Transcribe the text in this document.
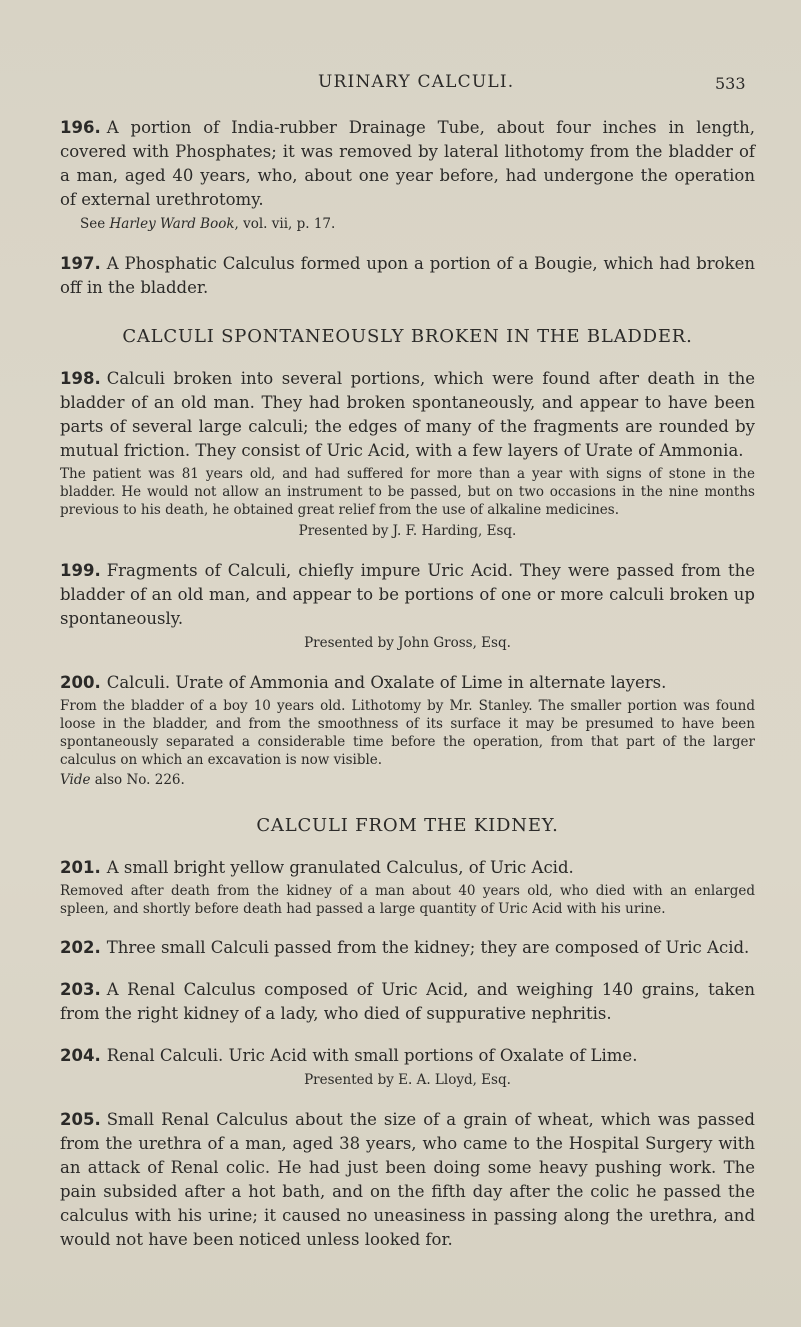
URINARY CALCULI.	533

196. A portion of India-rubber Drainage Tube, about four inches in length, covered with Phosphates; it was removed by lateral lithotomy from the bladder of a man, aged 40 years, who, about one year before, had undergone the operation of external urethrotomy.

See Harley Ward Book, vol. vii, p. 17.

197. A Phosphatic Calculus formed upon a portion of a Bougie, which had broken off in the bladder.

CALCULI SPONTANEOUSLY BROKEN IN THE BLADDER.

198. Calculi broken into several portions, which were found after death in the bladder of an old man. They had broken spontaneously, and appear to have been parts of several large calculi; the edges of many of the fragments are rounded by mutual friction. They consist of Uric Acid, with a few layers of Urate of Ammonia.

The patient was 81 years old, and had suffered for more than a year with signs of stone in the bladder. He would not allow an instrument to be passed, but on two occasions in the nine months previous to his death, he obtained great relief from the use of alkaline medicines.

Presented by J. F. Harding, Esq.

199. Fragments of Calculi, chiefly impure Uric Acid. They were passed from the bladder of an old man, and appear to be portions of one or more calculi broken up spontaneously.

Presented by John Gross, Esq.

200. Calculi. Urate of Ammonia and Oxalate of Lime in alternate layers.

From the bladder of a boy 10 years old. Lithotomy by Mr. Stanley. The smaller portion was found loose in the bladder, and from the smoothness of its surface it may be presumed to have been spontaneously separated a considerable time before the operation, from that part of the larger calculus on which an excavation is now visible.

Vide also No. 226.

CALCULI FROM THE KIDNEY.

201. A small bright yellow granulated Calculus, of Uric Acid.

Removed after death from the kidney of a man about 40 years old, who died with an enlarged spleen, and shortly before death had passed a large quantity of Uric Acid with his urine.

202. Three small Calculi passed from the kidney; they are composed of Uric Acid.

203. A Renal Calculus composed of Uric Acid, and weighing 140 grains, taken from the right kidney of a lady, who died of suppurative nephritis.

204. Renal Calculi. Uric Acid with small portions of Oxalate of Lime.

Presented by E. A. Lloyd, Esq.

205. Small Renal Calculus about the size of a grain of wheat, which was passed from the urethra of a man, aged 38 years, who came to the Hospital Surgery with an attack of Renal colic. He had just been doing some heavy pushing work. The pain subsided after a hot bath, and on the fifth day after the colic he passed the calculus with his urine; it caused no uneasiness in passing along the urethra, and would not have been noticed unless looked for.
